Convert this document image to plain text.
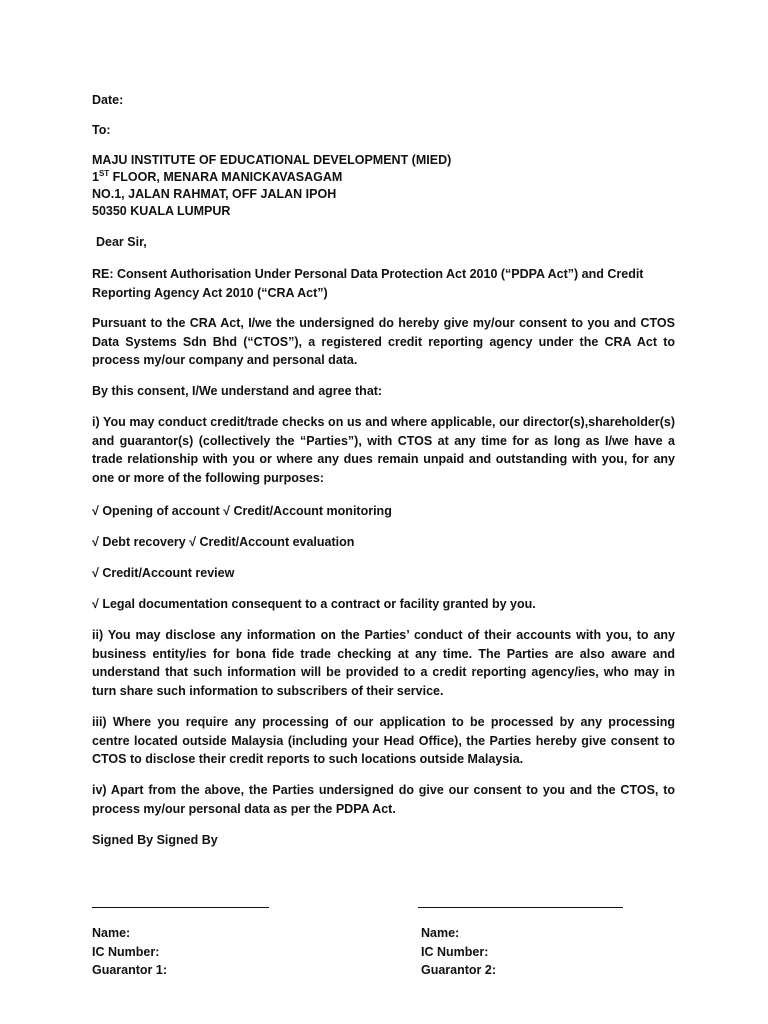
Date:
To:
MAJU INSTITUTE OF EDUCATIONAL DEVELOPMENT (MIED)
1ST FLOOR, MENARA MANICKAVASAGAM
NO.1, JALAN RAHMAT, OFF JALAN IPOH
50350 KUALA LUMPUR
Dear Sir,
RE: Consent Authorisation Under Personal Data Protection Act 2010 (“PDPA Act”) and Credit Reporting Agency Act 2010 (“CRA Act”)
Pursuant to the CRA Act, I/we the undersigned do hereby give my/our consent to you and CTOS Data Systems Sdn Bhd (“CTOS”), a registered credit reporting agency under the CRA Act to process my/our company and personal data.
By this consent, I/We understand and agree that:
i) You may conduct credit/trade checks on us and where applicable, our director(s),shareholder(s) and guarantor(s) (collectively the “Parties”), with CTOS at any time for as long as I/we have a trade relationship with you or where any dues remain unpaid and outstanding with you, for any one or more of the following purposes:
√ Opening of account √ Credit/Account monitoring
√ Debt recovery √ Credit/Account evaluation
√ Credit/Account review
√ Legal documentation consequent to a contract or facility granted by you.
ii) You may disclose any information on the Parties’ conduct of their accounts with you, to any business entity/ies for bona fide trade checking at any time. The Parties are also aware and understand that such information will be provided to a credit reporting agency/ies, who may in turn share such information to subscribers of their service.
iii) Where you require any processing of our application to be processed by any processing centre located outside Malaysia (including your Head Office), the Parties hereby give consent to CTOS to disclose their credit reports to such locations outside Malaysia.
iv) Apart from the above, the Parties undersigned do give our consent to you and the CTOS, to process my/our personal data as per the PDPA Act.
Signed By Signed By
Name:
IC Number:
Guarantor 1:
Name:
IC Number:
Guarantor 2:
